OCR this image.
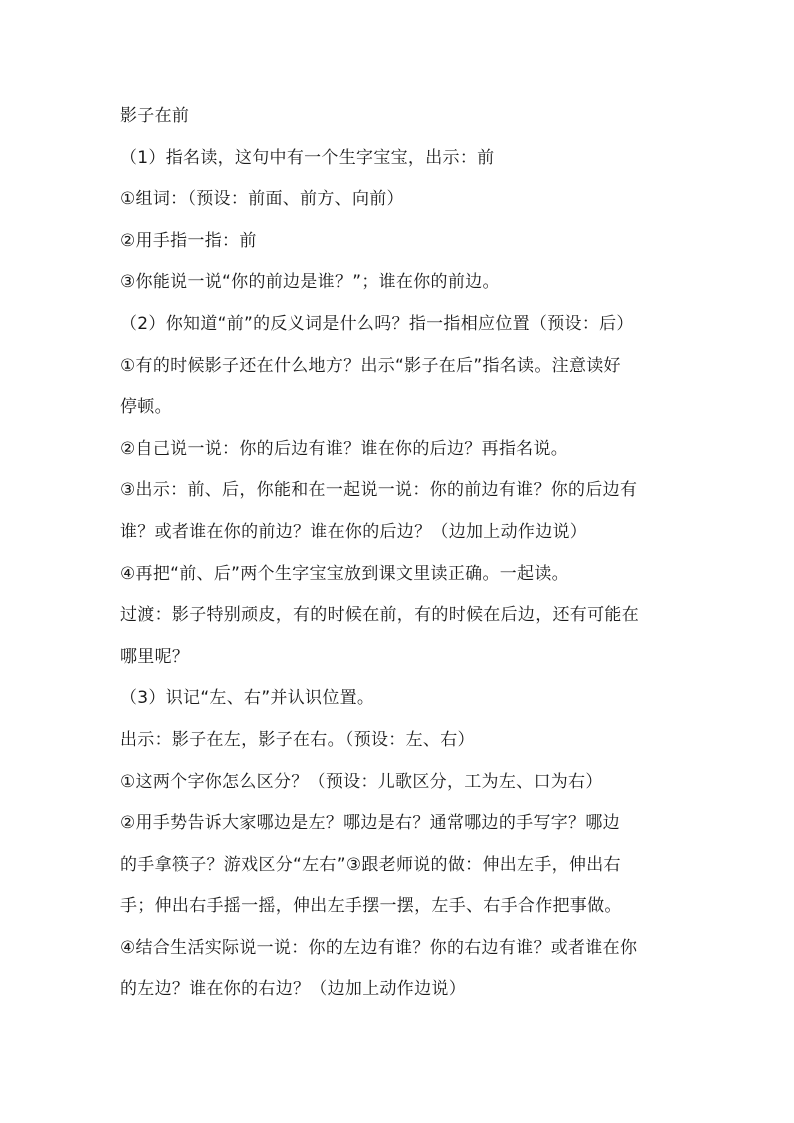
影子在前
（1）指名读，这句中有一个生字宝宝，出示：前
①组词：（预设：前面、前方、向前）
②用手指一指：前
③你能说一说“你的前边是谁？”；谁在你的前边。
（2）你知道“前”的反义词是什么吗？指一指相应位置（预设：后）
①有的时候影子还在什么地方？出示“影子在后”指名读。注意读好
停顿。
②自己说一说：你的后边有谁？谁在你的后边？再指名说。
③出示：前、后，你能和在一起说一说：你的前边有谁？你的后边有
谁？或者谁在你的前边？谁在你的后边？（边加上动作边说）
④再把“前、后”两个生字宝宝放到课文里读正确。一起读。
过渡：影子特别顽皮，有的时候在前，有的时候在后边，还有可能在
哪里呢？
（3）识记“左、右”并认识位置。
出示：影子在左，影子在右。（预设：左、右）
①这两个字你怎么区分？（预设：儿歌区分，工为左、口为右）
②用手势告诉大家哪边是左？哪边是右？通常哪边的手写字？哪边
的手拿筷子？游戏区分“左右”③跟老师说的做：伸出左手，伸出右
手；伸出右手摇一摇，伸出左手摆一摆，左手、右手合作把事做。
④结合生活实际说一说：你的左边有谁？你的右边有谁？或者谁在你
的左边？谁在你的右边？（边加上动作边说）
